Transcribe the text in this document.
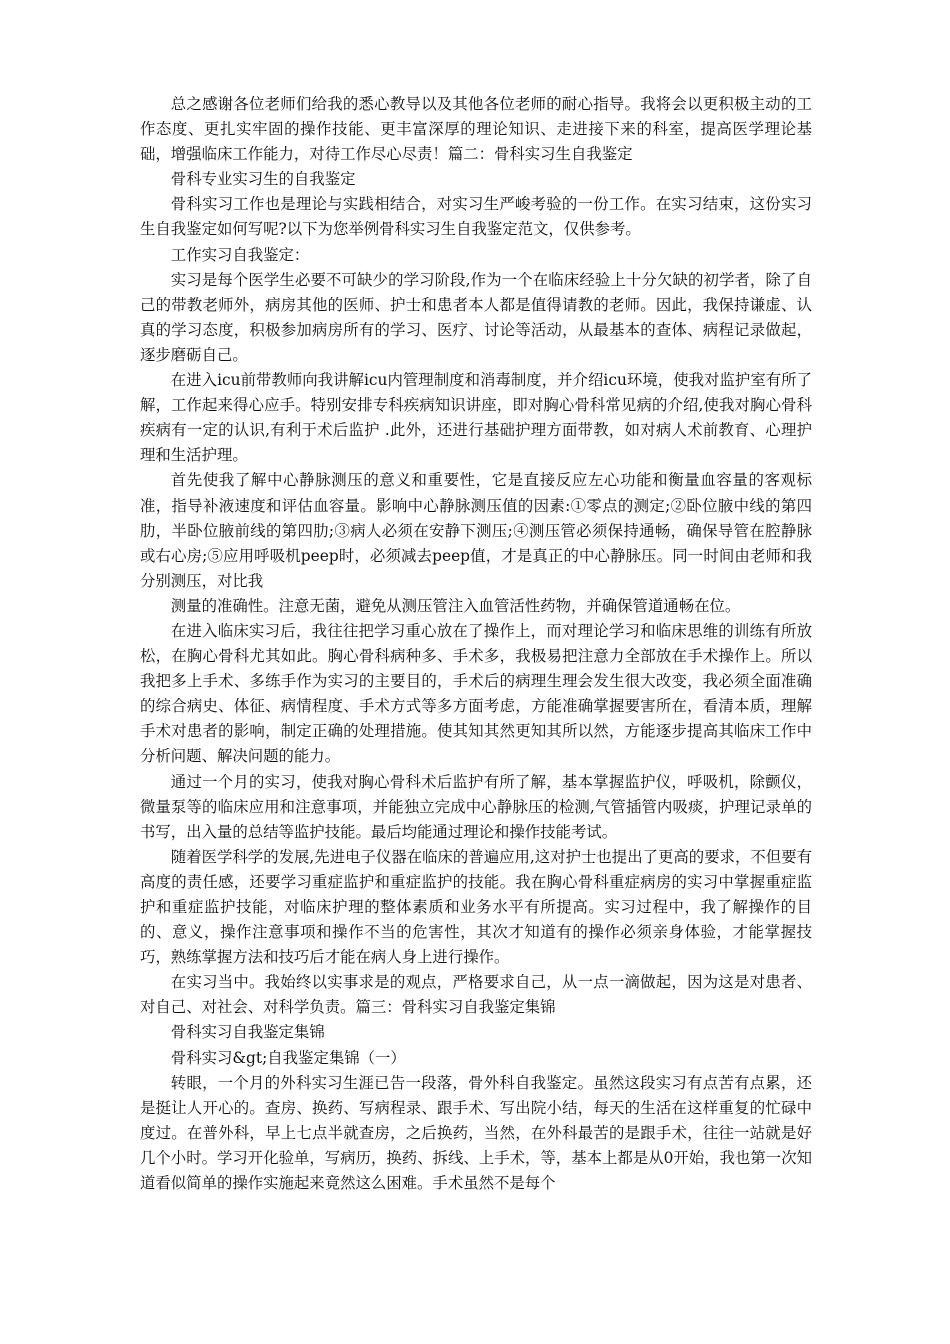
总之感谢各位老师们给我的悉心教导以及其他各位老师的耐心指导。我将会以更积极主动的工作态度、更扎实牢固的操作技能、更丰富深厚的理论知识、走进接下来的科室，提高医学理论基础，增强临床工作能力，对待工作尽心尽责！篇二：骨科实习生自我鉴定

骨科专业实习生的自我鉴定

骨科实习工作也是理论与实践相结合，对实习生严峻考验的一份工作。在实习结束，这份实习生自我鉴定如何写呢?以下为您举例骨科实习生自我鉴定范文，仅供参考。

工作实习自我鉴定：

实习是每个医学生必要不可缺少的学习阶段,作为一个在临床经验上十分欠缺的初学者，除了自己的带教老师外，病房其他的医师、护士和患者本人都是值得请教的老师。因此，我保持谦虚、认真的学习态度，积极参加病房所有的学习、医疗、讨论等活动，从最基本的查体、病程记录做起，逐步磨砺自己。

在进入icu前带教师向我讲解icu内管理制度和消毒制度，并介绍icu环境，使我对监护室有所了解，工作起来得心应手。特别安排专科疾病知识讲座，即对胸心骨科常见病的介绍,使我对胸心骨科疾病有一定的认识,有利于术后监护 .此外，还进行基础护理方面带教，如对病人术前教育、心理护理和生活护理。

首先使我了解中心静脉测压的意义和重要性，它是直接反应左心功能和衡量血容量的客观标准，指导补液速度和评估血容量。影响中心静脉测压值的因素:①零点的测定;②卧位腋中线的第四肋，半卧位腋前线的第四肋;③病人必须在安静下测压;④测压管必须保持通畅，确保导管在腔静脉或右心房;⑤应用呼吸机peep时，必须减去peep值，才是真正的中心静脉压。同一时间由老师和我分别测压，对比我

测量的准确性。注意无菌，避免从测压管注入血管活性药物，并确保管道通畅在位。

在进入临床实习后，我往往把学习重心放在了操作上，而对理论学习和临床思维的训练有所放松，在胸心骨科尤其如此。胸心骨科病种多、手术多，我极易把注意力全部放在手术操作上。所以我把多上手术、多练手作为实习的主要目的，手术后的病理生理会发生很大改变，我必须全面准确的综合病史、体征、病情程度、手术方式等多方面考虑，方能准确掌握要害所在，看清本质，理解手术对患者的影响，制定正确的处理措施。使其知其然更知其所以然，方能逐步提高其临床工作中分析问题、解决问题的能力。

通过一个月的实习，使我对胸心骨科术后监护有所了解，基本掌握监护仪，呼吸机，除颤仪，微量泵等的临床应用和注意事项，并能独立完成中心静脉压的检测,气管插管内吸痰，护理记录单的书写，出入量的总结等监护技能。最后均能通过理论和操作技能考试。

随着医学科学的发展,先进电子仪器在临床的普遍应用,这对护士也提出了更高的要求，不但要有高度的责任感，还要学习重症监护和重症监护的技能。我在胸心骨科重症病房的实习中掌握重症监护和重症监护技能，对临床护理的整体素质和业务水平有所提高。实习过程中，我了解操作的目的、意义，操作注意事项和操作不当的危害性，其次才知道有的操作必须亲身体验，才能掌握技巧，熟练掌握方法和技巧后才能在病人身上进行操作。

在实习当中。我始终以实事求是的观点，严格要求自己，从一点一滴做起，因为这是对患者、对自己、对社会、对科学负责。篇三：骨科实习自我鉴定集锦

骨科实习自我鉴定集锦

骨科实习&gt;自我鉴定集锦（一）

转眼，一个月的外科实习生涯已告一段落，骨外科自我鉴定。虽然这段实习有点苦有点累，还是挺让人开心的。查房、换药、写病程录、跟手术、写出院小结，每天的生活在这样重复的忙碌中度过。在普外科，早上七点半就查房，之后换药，当然，在外科最苦的是跟手术，往往一站就是好几个小时。学习开化验单，写病历，换药、拆线、上手术，等，基本上都是从0开始，我也第一次知道看似简单的操作实施起来竟然这么困难。手术虽然不是每个
